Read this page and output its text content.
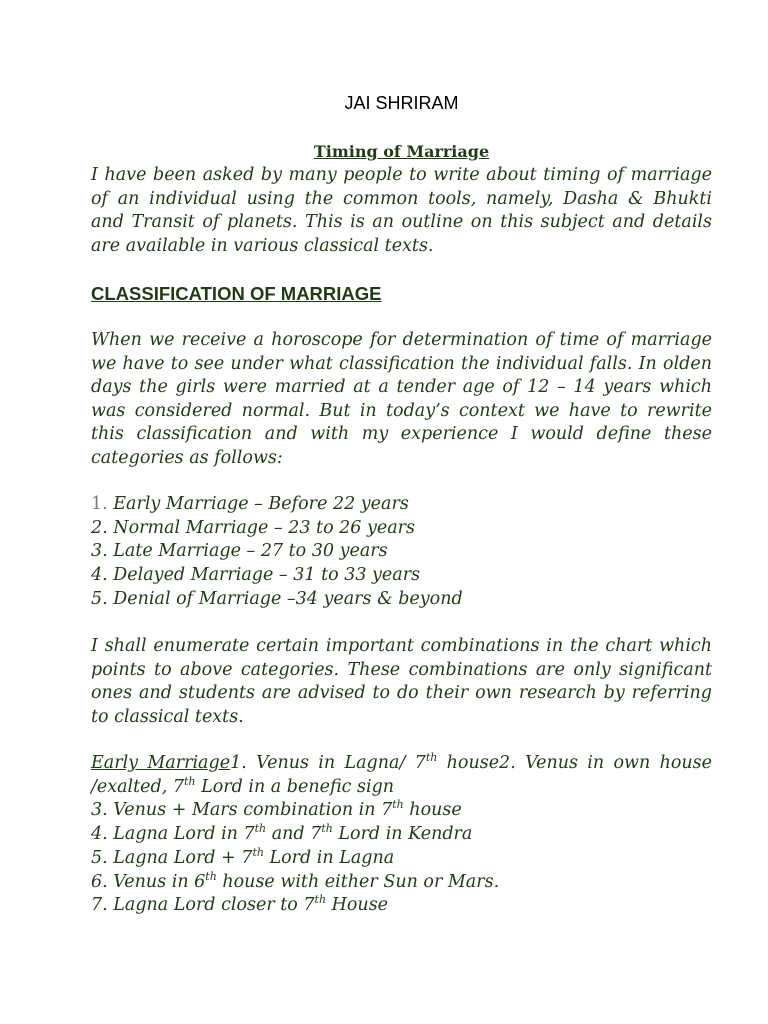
JAI SHRIRAM
Timing of Marriage

I have been asked by many people to write about timing of marriage
of an individual using the common tools, namely, Dasha & Bhukti
and Transit of planets. This is an outline on this subject and details
are available in various classical texts.

CLASSIFICATION OF MARRIAGE

When we receive a horoscope for determination of time of marriage
we have to see under what classification the individual falls. In olden
days the girls were married at a tender age of 12 – 14 years which
was considered normal. But in today’s context we have to rewrite
this classification and with my experience I would define these
categories as follows:

1. Early Marriage – Before 22 years
2. Normal Marriage – 23 to 26 years
3. Late Marriage – 27 to 30 years
4. Delayed Marriage – 31 to 33 years
5. Denial of Marriage –34 years & beyond

I shall enumerate certain important combinations in the chart which
points to above categories. These combinations are only significant
ones and students are advised to do their own research by referring
to classical texts.

Early Marriage1. Venus in Lagna/ 7th house2. Venus in own house
/exalted, 7th Lord in a benefic sign
3. Venus + Mars combination in 7th house
4. Lagna Lord in 7th and 7th Lord in Kendra
5. Lagna Lord + 7th Lord in Lagna
6. Venus in 6th house with either Sun or Mars.
7. Lagna Lord closer to 7th House
